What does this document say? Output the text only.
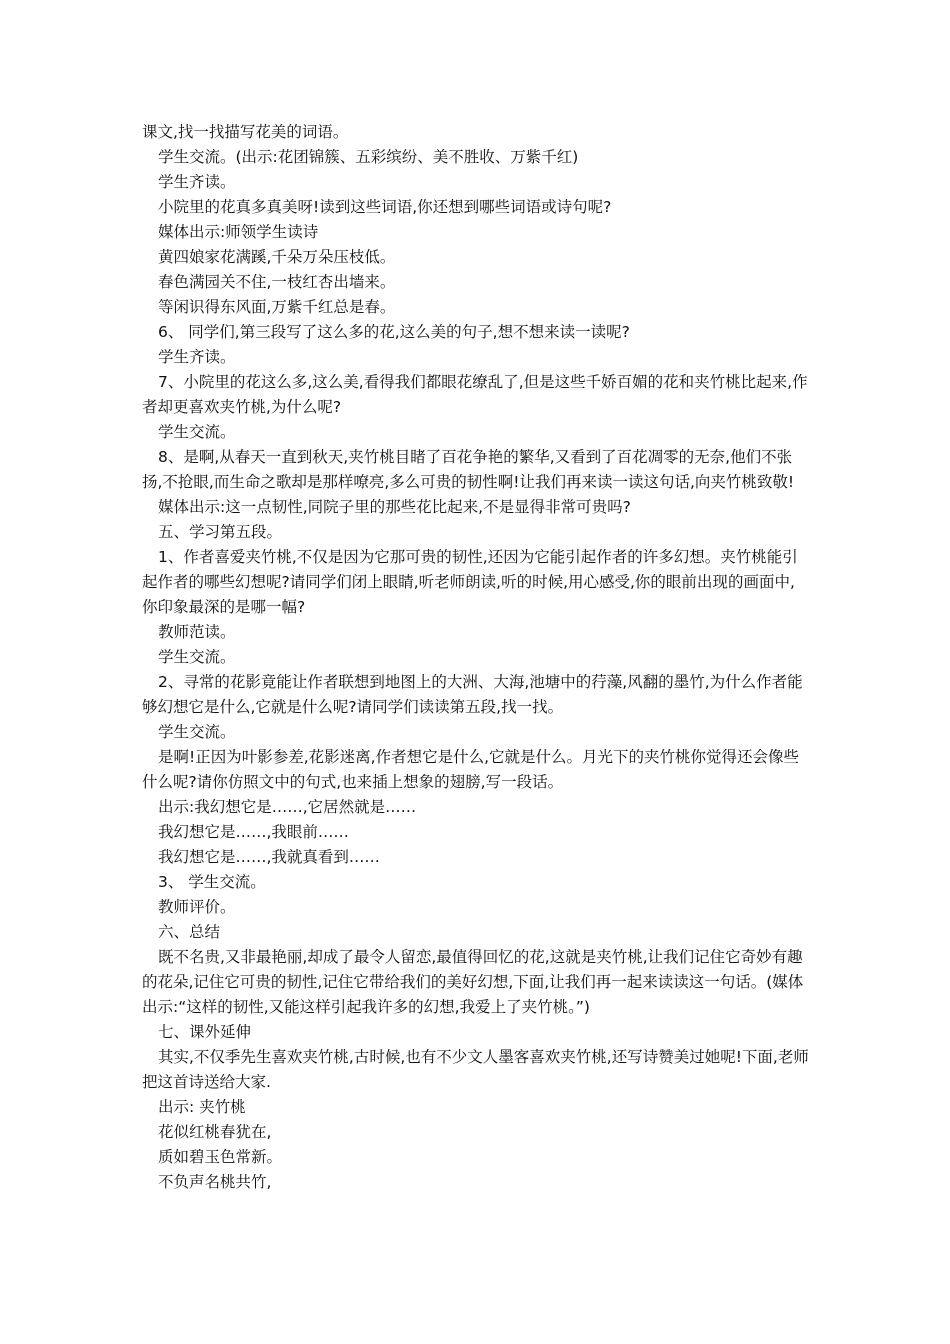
课文,找一找描写花美的词语。

学生交流。(出示:花团锦簇、五彩缤纷、美不胜收、万紫千红)

学生齐读。

小院里的花真多真美呀!读到这些词语,你还想到哪些词语或诗句呢?

媒体出示:师领学生读诗

黄四娘家花满蹊,千朵万朵压枝低。

春色满园关不住,一枝红杏出墙来。

等闲识得东风面,万紫千红总是春。

6、 同学们,第三段写了这么多的花,这么美的句子,想不想来读一读呢?

学生齐读。

7、小院里的花这么多,这么美,看得我们都眼花缭乱了,但是这些千娇百媚的花和夹竹桃比起来,作者却更喜欢夹竹桃,为什么呢?

学生交流。

8、是啊,从春天一直到秋天,夹竹桃目睹了百花争艳的繁华,又看到了百花凋零的无奈,他们不张扬,不抢眼,而生命之歌却是那样嘹亮,多么可贵的韧性啊!让我们再来读一读这句话,向夹竹桃致敬!

媒体出示:这一点韧性,同院子里的那些花比起来,不是显得非常可贵吗?

五、学习第五段。

1、作者喜爱夹竹桃,不仅是因为它那可贵的韧性,还因为它能引起作者的许多幻想。夹竹桃能引起作者的哪些幻想呢?请同学们闭上眼睛,听老师朗读,听的时候,用心感受,你的眼前出现的画面中,你印象最深的是哪一幅?

教师范读。

学生交流。

2、寻常的花影竟能让作者联想到地图上的大洲、大海,池塘中的荇藻,风翻的墨竹,为什么作者能够幻想它是什么,它就是什么呢?请同学们读读第五段,找一找。

学生交流。

是啊!正因为叶影参差,花影迷离,作者想它是什么,它就是什么。月光下的夹竹桃你觉得还会像些什么呢?请你仿照文中的句式,也来插上想象的翅膀,写一段话。

出示:我幻想它是……,它居然就是……

我幻想它是……,我眼前……

我幻想它是……,我就真看到……

3、 学生交流。

教师评价。

六、总结

既不名贵,又非最艳丽,却成了最令人留恋,最值得回忆的花,这就是夹竹桃,让我们记住它奇妙有趣的花朵,记住它可贵的韧性,记住它带给我们的美好幻想,下面,让我们再一起来读读这一句话。(媒体出示:“这样的韧性,又能这样引起我许多的幻想,我爱上了夹竹桃。”)

七、课外延伸

其实,不仅季先生喜欢夹竹桃,古时候,也有不少文人墨客喜欢夹竹桃,还写诗赞美过她呢!下面,老师把这首诗送给大家.

出示: 夹竹桃

花似红桃春犹在,

质如碧玉色常新。

不负声名桃共竹,
